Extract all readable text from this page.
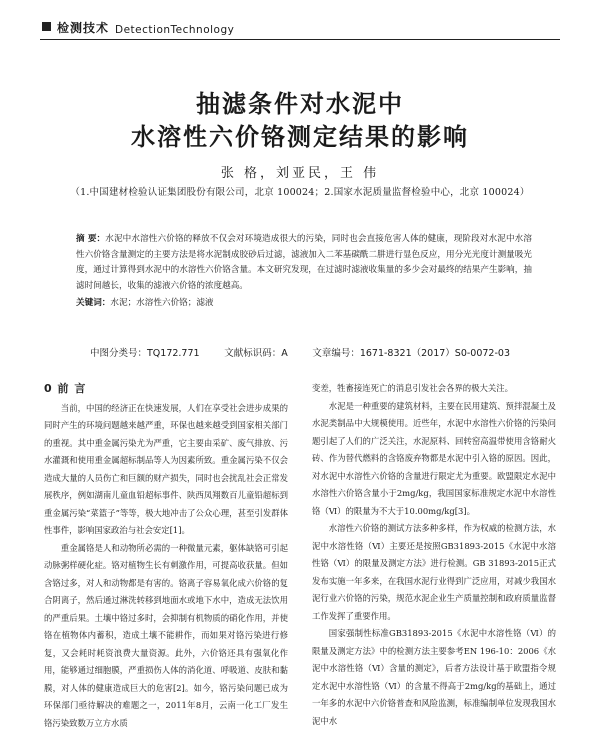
检测技术 DetectionTechnology
抽滤条件对水泥中
水溶性六价铬测定结果的影响
张 格，刘亚民，王 伟
（1.中国建材检验认证集团股份有限公司，北京 100024；2.国家水泥质量监督检验中心，北京 100024）
摘 要：水泥中水溶性六价铬的释放不仅会对环境造成很大的污染，同时也会直接危害人体的健康，现阶段对水泥中水溶性六价铬含量测定的主要方法是将水泥制成胶砂后过滤，滤液加入二苯基碳酰二肼进行显色反应，用分光光度计测量吸光度，通过计算得到水泥中的水溶性六价铬含量。本文研究发现，在过滤时滤液收集量的多少会对最终的结果产生影响，抽滤时间越长，收集的滤液六价铬的浓度越高。
关键词：水泥；水溶性六价铬；滤液
中图分类号：TQ172.771	文献标识码：A	文章编号：1671-8321（2017）S0-0072-03
0 前 言

当前，中国的经济正在快速发展，人们在享受社会进步成果的同时产生的环境问题越来越严重，环保也越来越受到国家相关部门的重视。其中重金属污染尤为严重，它主要由采矿、废气排放、污水灌溉和使用重金属超标制品等人为因素所致。重金属污染不仅会造成大量的人员伤亡和巨额的财产损失，同时也会扰乱社会正常发展秩序，例如湖南儿童血铅超标事件、陕西凤翔数百儿童铅超标到重金属污染“菜篮子”等等，极大地冲击了公众心理，甚至引发群体性事件，影响国家政治与社会安定[1]。

重金属铬是人和动物所必需的一种微量元素，躯体缺铬可引起动脉粥样硬化症。铬对植物生长有刺激作用，可提高收获量。但如含铬过多，对人和动物都是有害的。铬离子容易氧化成六价铬的复合阴离子，然后通过淋洗转移到地面水或地下水中，造成无法饮用的严重后果。土壤中铬过多时，会抑制有机物质的硝化作用，并使铬在植物体内蓄积，造成土壤不能耕作，而如果对铬污染进行修复，又会耗时耗资浪费大量资源。此外，六价铬还具有强氧化作用，能够通过细胞膜，严重损伤人体的消化道、呼吸道、皮肤和黏膜，对人体的健康造成巨大的危害[2]。如今，铬污染问题已成为环保部门亟待解决的难题之一，2011年8月，云南一化工厂发生铬污染致数万立方水质

变差，牲畜接连死亡的消息引发社会各界的极大关注。

水泥是一种重要的建筑材料，主要在民用建筑、预拌混凝土及水泥类制品中大规模使用。近些年，水泥中水溶性六价铬的污染问题引起了人们的广泛关注，水泥原料、回转窑高温带使用含铬耐火砖、作为替代燃料的含铬废弃物都是水泥中引入铬的原因。因此，对水泥中水溶性六价铬的含量进行限定尤为重要。欧盟限定水泥中水溶性六价铬含量小于2mg/kg，我国国家标准规定水泥中水溶性铬（Ⅵ）的限量为不大于10.00mg/kg[3]。

水溶性六价铬的测试方法多种多样，作为权威的检测方法，水泥中水溶性铬（Ⅵ）主要还是按照GB31893-2015《水泥中水溶性铬（Ⅵ）的限量及测定方法》进行检测。GB 31893-2015正式发布实施一年多来，在我国水泥行业得到广泛应用，对减少我国水泥行业六价铬的污染，规范水泥企业生产质量控制和政府质量监督工作发挥了重要作用。

国家强制性标准GB31893-2015《水泥中水溶性铬（Ⅵ）的限量及测定方法》中的检测方法主要参考EN 196-10：2006《水泥中水溶性铬（Ⅵ）含量的测定》，后者方法设计基于欧盟指令规定水泥中水溶性铬（Ⅵ）的含量不得高于2mg/kg的基础上，通过一年多的水泥中六价铬普查和风险监测，标准编制单位发现我国水泥中水
